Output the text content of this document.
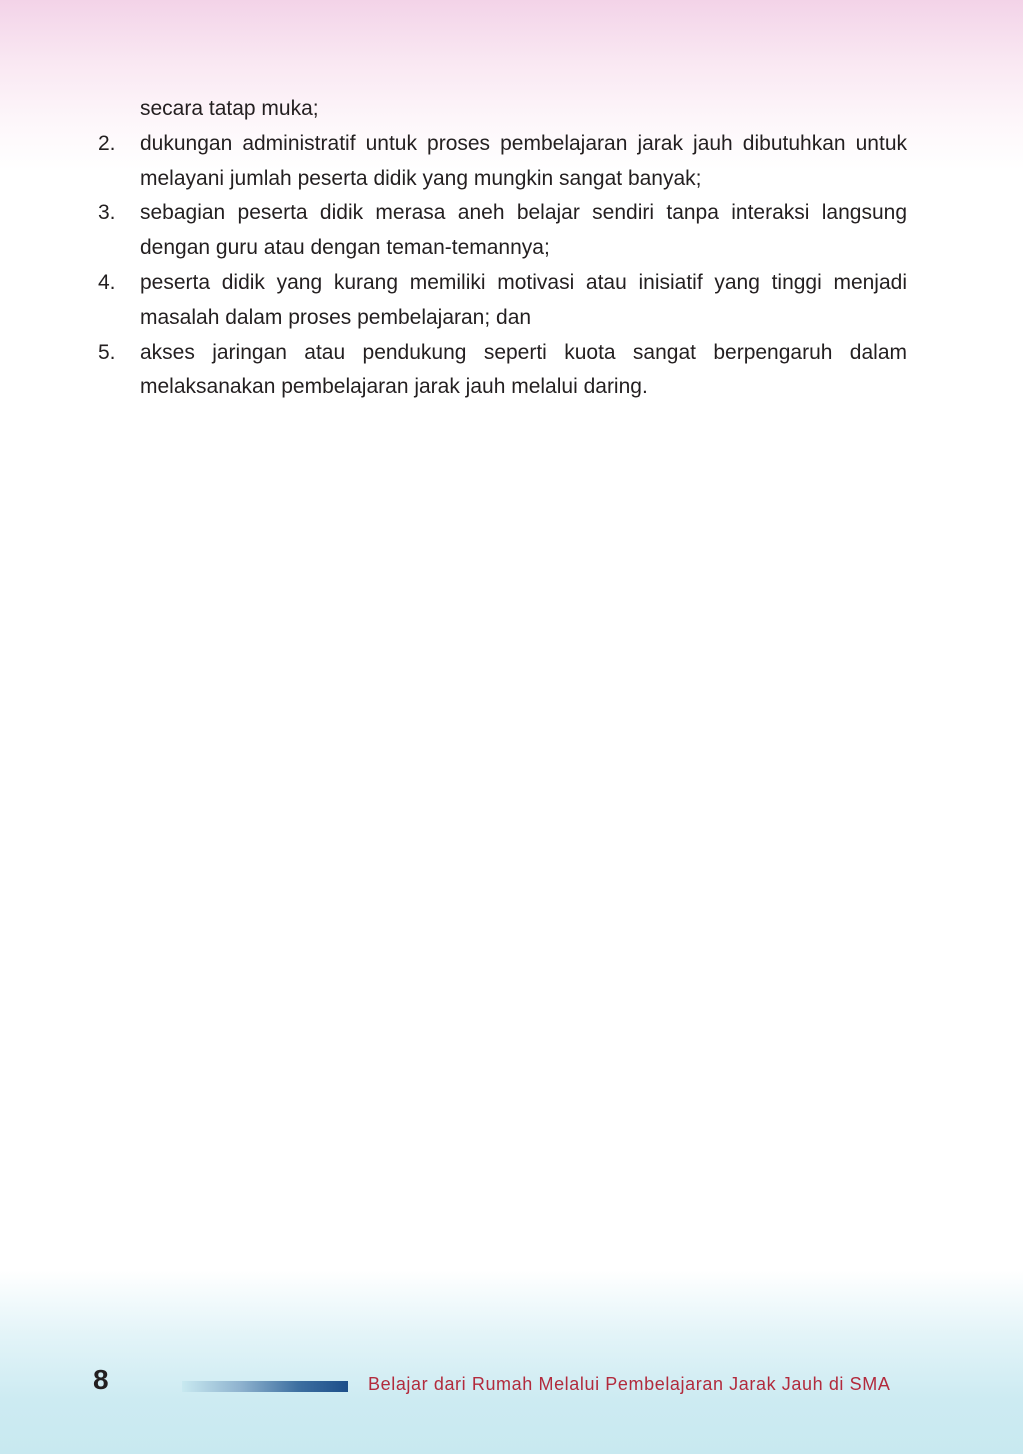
secara tatap muka;
2.	dukungan administratif untuk proses pembelajaran jarak jauh dibutuhkan untuk melayani jumlah peserta didik yang mungkin sangat banyak;
3.	sebagian peserta didik merasa aneh belajar sendiri tanpa interaksi langsung dengan guru atau dengan teman-temannya;
4.	peserta didik yang kurang memiliki motivasi atau inisiatif yang tinggi menjadi masalah dalam proses pembelajaran; dan
5.	akses jaringan atau pendukung seperti kuota sangat berpengaruh dalam melaksanakan pembelajaran jarak jauh melalui daring.
8	Belajar dari Rumah Melalui Pembelajaran Jarak Jauh di SMA
